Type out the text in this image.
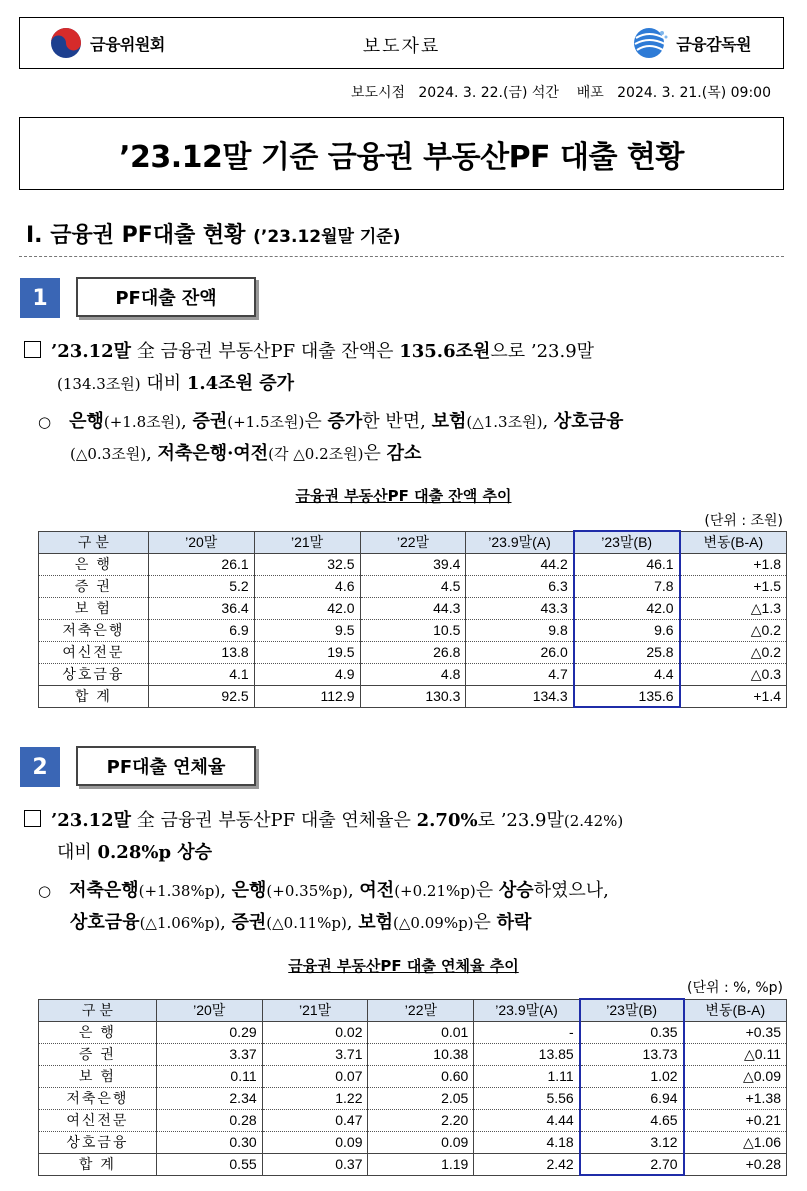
금융위원회	보도자료	금융감독원
보도시점   2024. 3. 22.(금) 석간    배포   2024. 3. 21.(목) 09:00
’23.12말 기준 금융권 부동산PF 대출 현황
Ⅰ. 금융권 PF대출 현황 (’23.12월말 기준)
1	PF대출 잔액
’23.12말 全 금융권 부동산PF 대출 잔액은 135.6조원으로 ’23.9말
(134.3조원) 대비 1.4조원 증가
○ 은행(+1.8조원), 증권(+1.5조원)은 증가한 반면, 보험(△1.3조원), 상호금융
(△0.3조원), 저축은행·여전(각 △0.2조원)은 감소
금융권 부동산PF 대출 잔액 추이
(단위 : 조원)
구 분	’20말	’21말	’22말	’23.9말(A)	’23말(B)	변동(B-A)
은 행	26.1	32.5	39.4	44.2	46.1	+1.8
증 권	5.2	4.6	4.5	6.3	7.8	+1.5
보 험	36.4	42.0	44.3	43.3	42.0	△1.3
저축은행	6.9	9.5	10.5	9.8	9.6	△0.2
여신전문	13.8	19.5	26.8	26.0	25.8	△0.2
상호금융	4.1	4.9	4.8	4.7	4.4	△0.3
합 계	92.5	112.9	130.3	134.3	135.6	+1.4
2	PF대출 연체율
’23.12말 全 금융권 부동산PF 대출 연체율은 2.70%로 ’23.9말(2.42%)
대비 0.28%p 상승
○ 저축은행(+1.38%p), 은행(+0.35%p), 여전(+0.21%p)은 상승하였으나,
상호금융(△1.06%p), 증권(△0.11%p), 보험(△0.09%p)은 하락
금융권 부동산PF 대출 연체율 추이
(단위 : %, %p)
구 분	’20말	’21말	’22말	’23.9말(A)	’23말(B)	변동(B-A)
은 행	0.29	0.02	0.01	-	0.35	+0.35
증 권	3.37	3.71	10.38	13.85	13.73	△0.11
보 험	0.11	0.07	0.60	1.11	1.02	△0.09
저축은행	2.34	1.22	2.05	5.56	6.94	+1.38
여신전문	0.28	0.47	2.20	4.44	4.65	+0.21
상호금융	0.30	0.09	0.09	4.18	3.12	△1.06
합 계	0.55	0.37	1.19	2.42	2.70	+0.28
